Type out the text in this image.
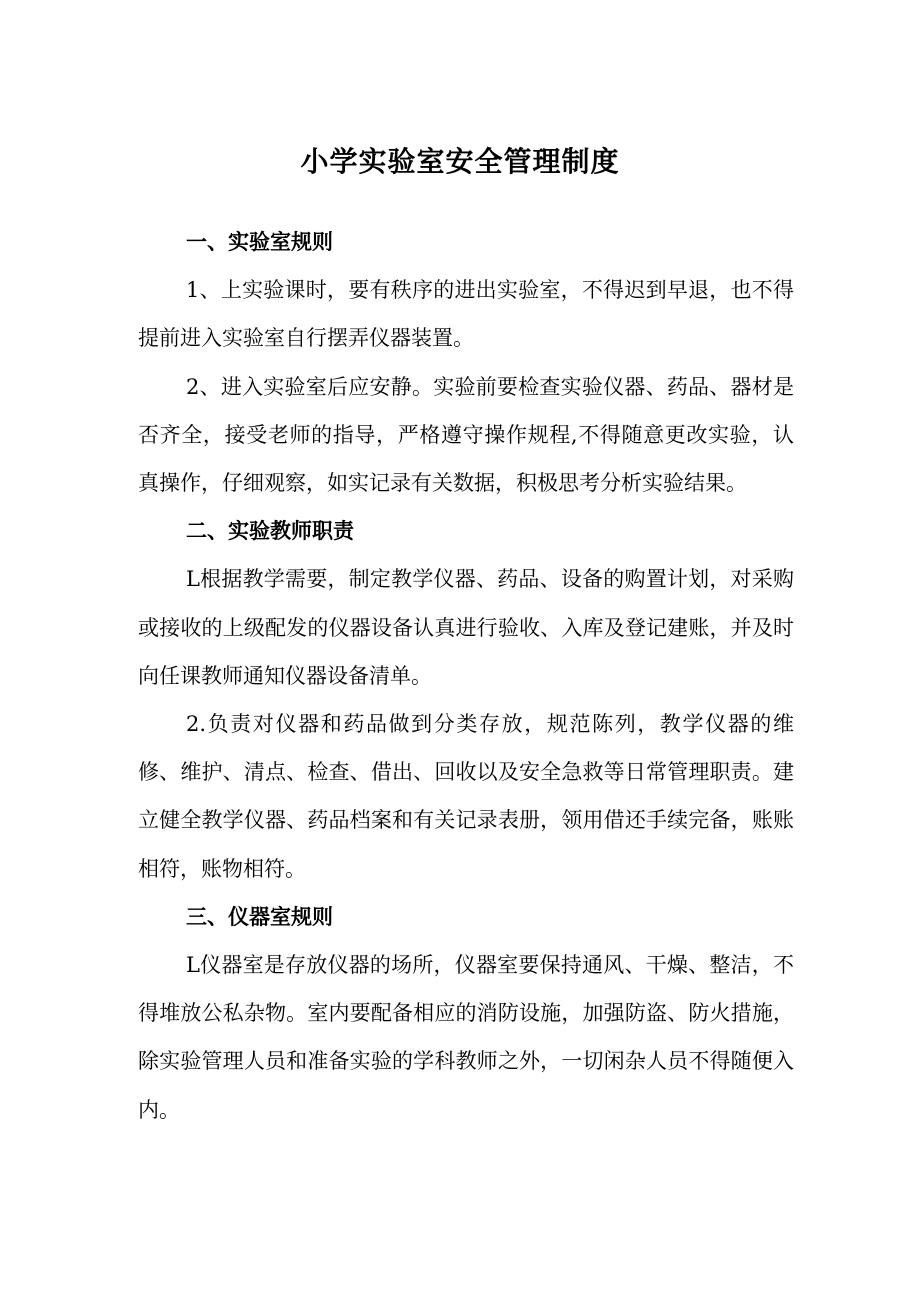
小学实验室安全管理制度
一、实验室规则

1、上实验课时，要有秩序的进出实验室，不得迟到早退，也不得提前进入实验室自行摆弄仪器装置。

2、进入实验室后应安静。实验前要检查实验仪器、药品、器材是否齐全，接受老师的指导，严格遵守操作规程,不得随意更改实验，认真操作，仔细观察，如实记录有关数据，积极思考分析实验结果。

二、实验教师职责

L根据教学需要，制定教学仪器、药品、设备的购置计划，对采购或接收的上级配发的仪器设备认真进行验收、入库及登记建账，并及时向任课教师通知仪器设备清单。

2.负责对仪器和药品做到分类存放，规范陈列，教学仪器的维修、维护、清点、检查、借出、回收以及安全急救等日常管理职责。建立健全教学仪器、药品档案和有关记录表册，领用借还手续完备，账账相符，账物相符。

三、仪器室规则

L仪器室是存放仪器的场所，仪器室要保持通风、干燥、整洁，不得堆放公私杂物。室内要配备相应的消防设施，加强防盗、防火措施，除实验管理人员和准备实验的学科教师之外，一切闲杂人员不得随便入内。
